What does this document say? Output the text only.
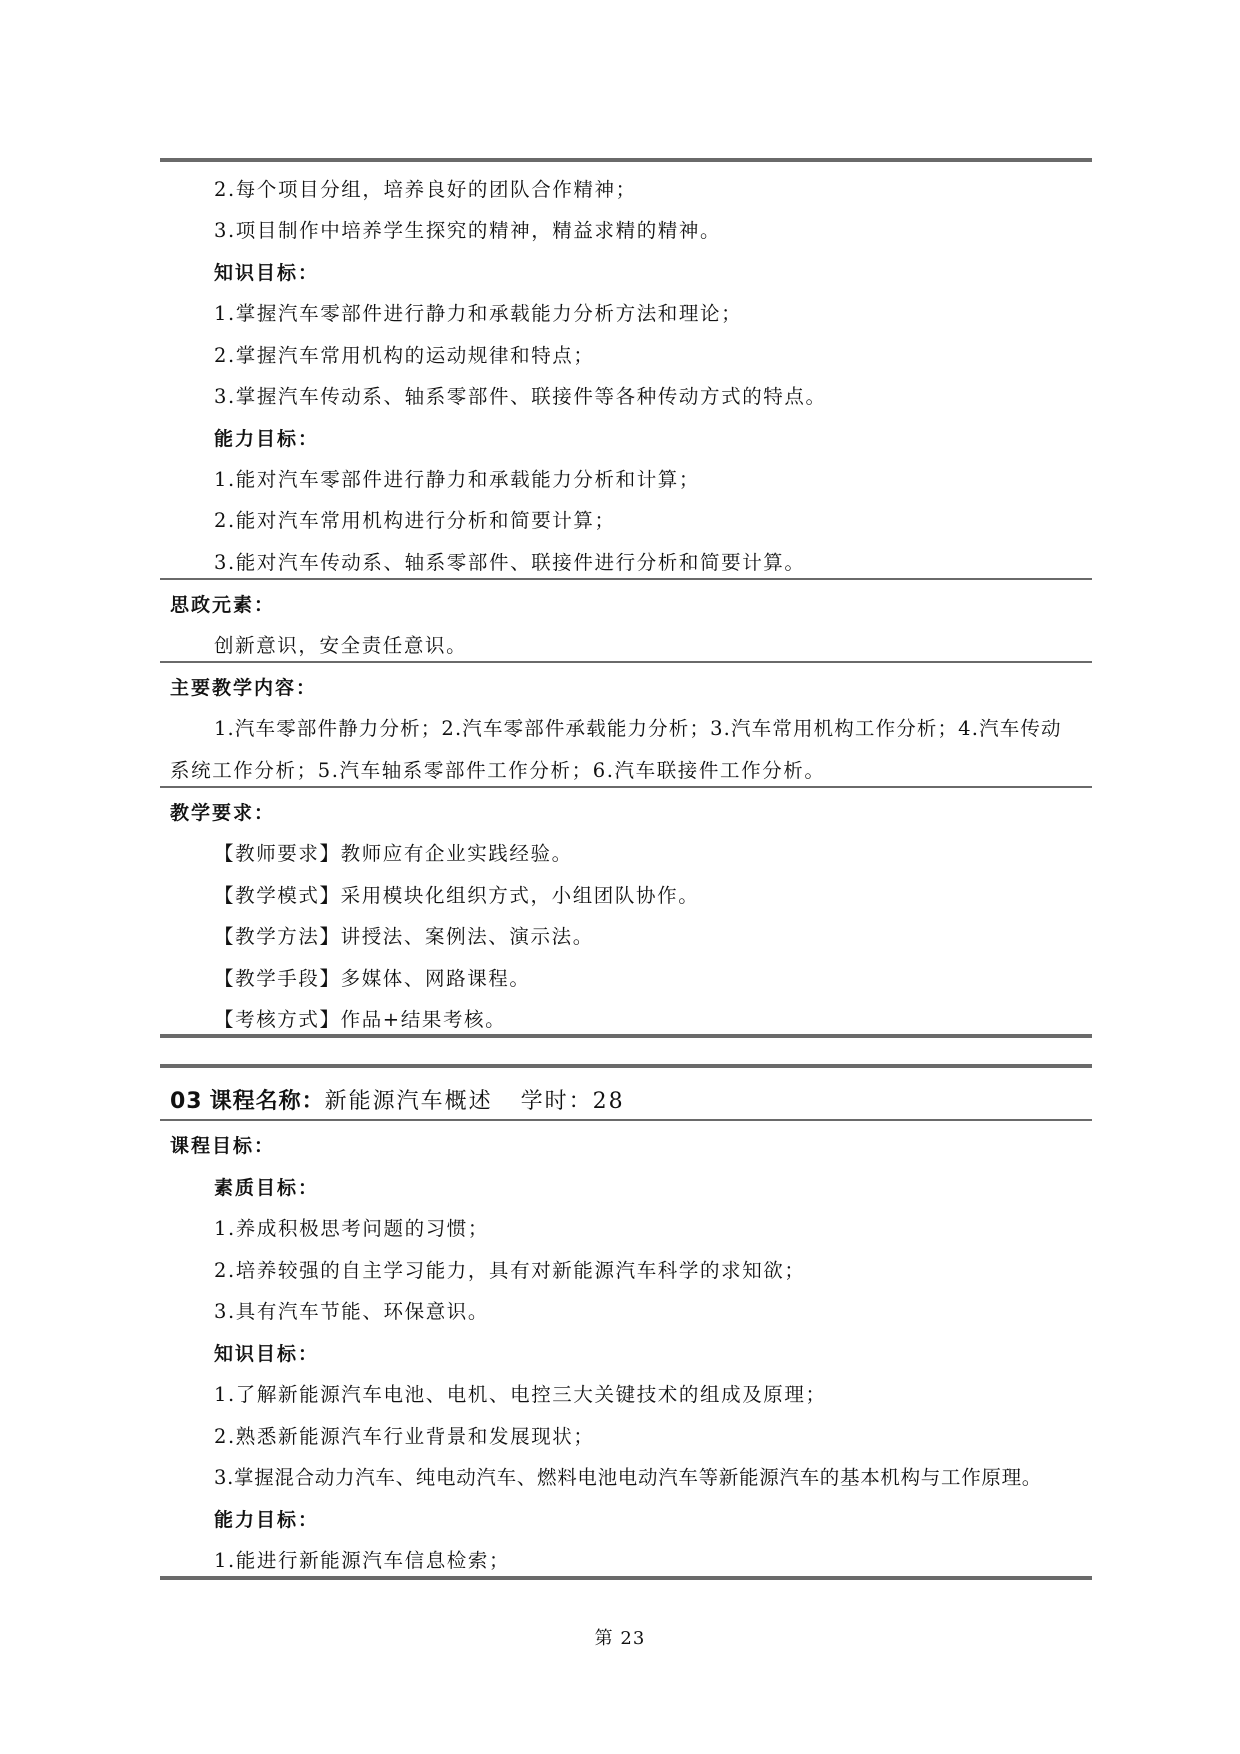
2.每个项目分组，培养良好的团队合作精神；
3.项目制作中培养学生探究的精神，精益求精的精神。
知识目标：
1.掌握汽车零部件进行静力和承载能力分析方法和理论；
2.掌握汽车常用机构的运动规律和特点；
3.掌握汽车传动系、轴系零部件、联接件等各种传动方式的特点。
能力目标：
1.能对汽车零部件进行静力和承载能力分析和计算；
2.能对汽车常用机构进行分析和简要计算；
3.能对汽车传动系、轴系零部件、联接件进行分析和简要计算。
思政元素：
创新意识，安全责任意识。
主要教学内容：
1.汽车零部件静力分析；2.汽车零部件承载能力分析；3.汽车常用机构工作分析；4.汽车传动
系统工作分析；5.汽车轴系零部件工作分析；6.汽车联接件工作分析。
教学要求：
【教师要求】教师应有企业实践经验。
【教学模式】采用模块化组织方式，小组团队协作。
【教学方法】讲授法、案例法、演示法。
【教学手段】多媒体、网路课程。
【考核方式】作品+结果考核。
03 课程名称：新能源汽车概述 学时：28
课程目标：
素质目标：
1.养成积极思考问题的习惯；
2.培养较强的自主学习能力，具有对新能源汽车科学的求知欲；
3.具有汽车节能、环保意识。
知识目标：
1.了解新能源汽车电池、电机、电控三大关键技术的组成及原理；
2.熟悉新能源汽车行业背景和发展现状；
3.掌握混合动力汽车、纯电动汽车、燃料电池电动汽车等新能源汽车的基本机构与工作原理。
能力目标：
1.能进行新能源汽车信息检索；
第 23
